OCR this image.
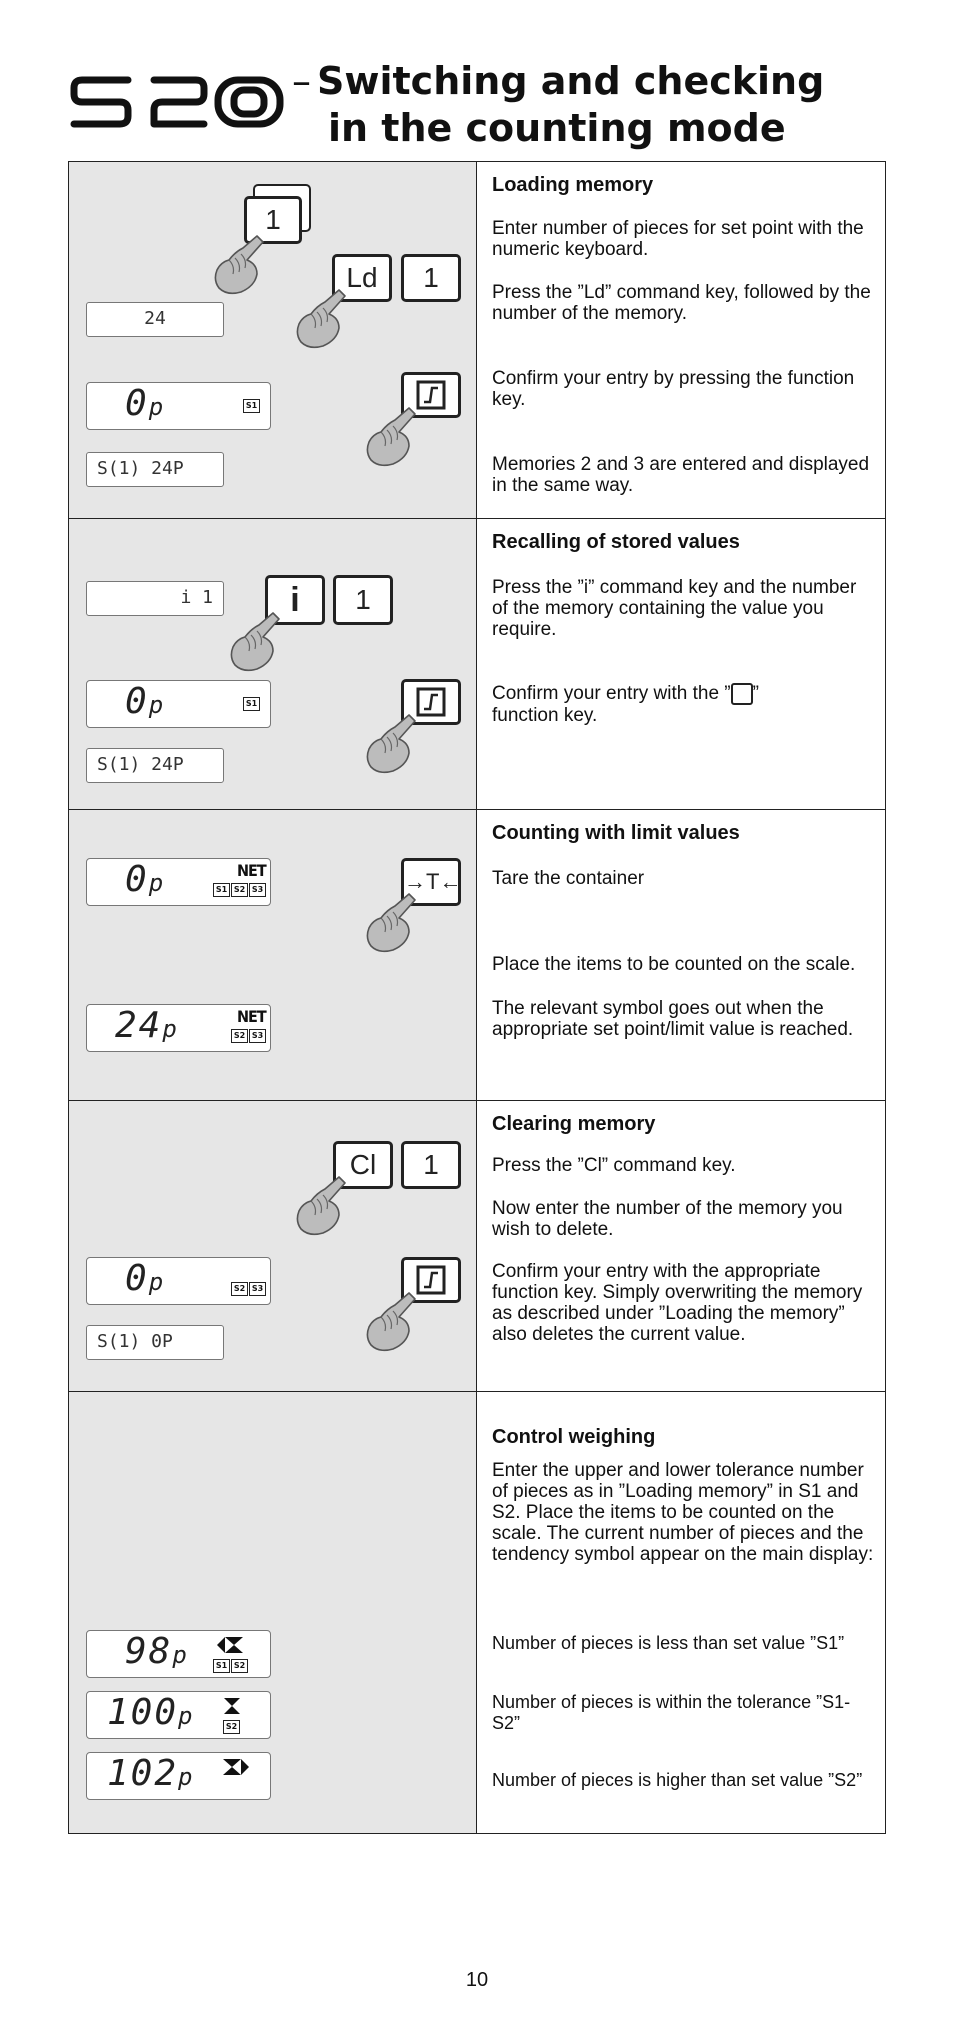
– Switching and checking
in the counting mode
1
Ld	1
24
0p	S1
S(1) 24P
Loading memory

Enter number of pieces for set point with the numeric keyboard.

Press the ”Ld” command key, followed by the number of the memory.

Confirm your entry by pressing the function key.

Memories 2 and 3 are entered and displayed in the same way.

i 1	i	1
0p	S1
S(1) 24P
Recalling of stored values

Press the ”i” command key and the number of the memory containing the value you require.

Confirm your entry with the ” ”
function key.

0p	NET
S1 S2 S3	→T←
24p	NET
S2 S3
Counting with limit values

Tare the container

Place the items to be counted on the scale.

The relevant symbol goes out when the appropriate set point/limit value is reached.

Cl	1
0p	S2 S3
S(1) 0P
Clearing memory

Press the ”Cl” command key.

Now enter the number of the memory you wish to delete.

Confirm your entry with the appropriate function key. Simply overwriting the memory as described under ”Loading the memory” also deletes the current value.

98p	S1 S2
100p	S2
102p
Control weighing

Enter the upper and lower tolerance number of pieces as in ”Loading memory” in S1 and S2. Place the items to be counted on the scale. The current number of pieces and the tendency symbol appear on the main display:

Number of pieces is less than set value ”S1”

Number of pieces is within the tolerance ”S1-S2”

Number of pieces is higher than set value ”S2”

10
